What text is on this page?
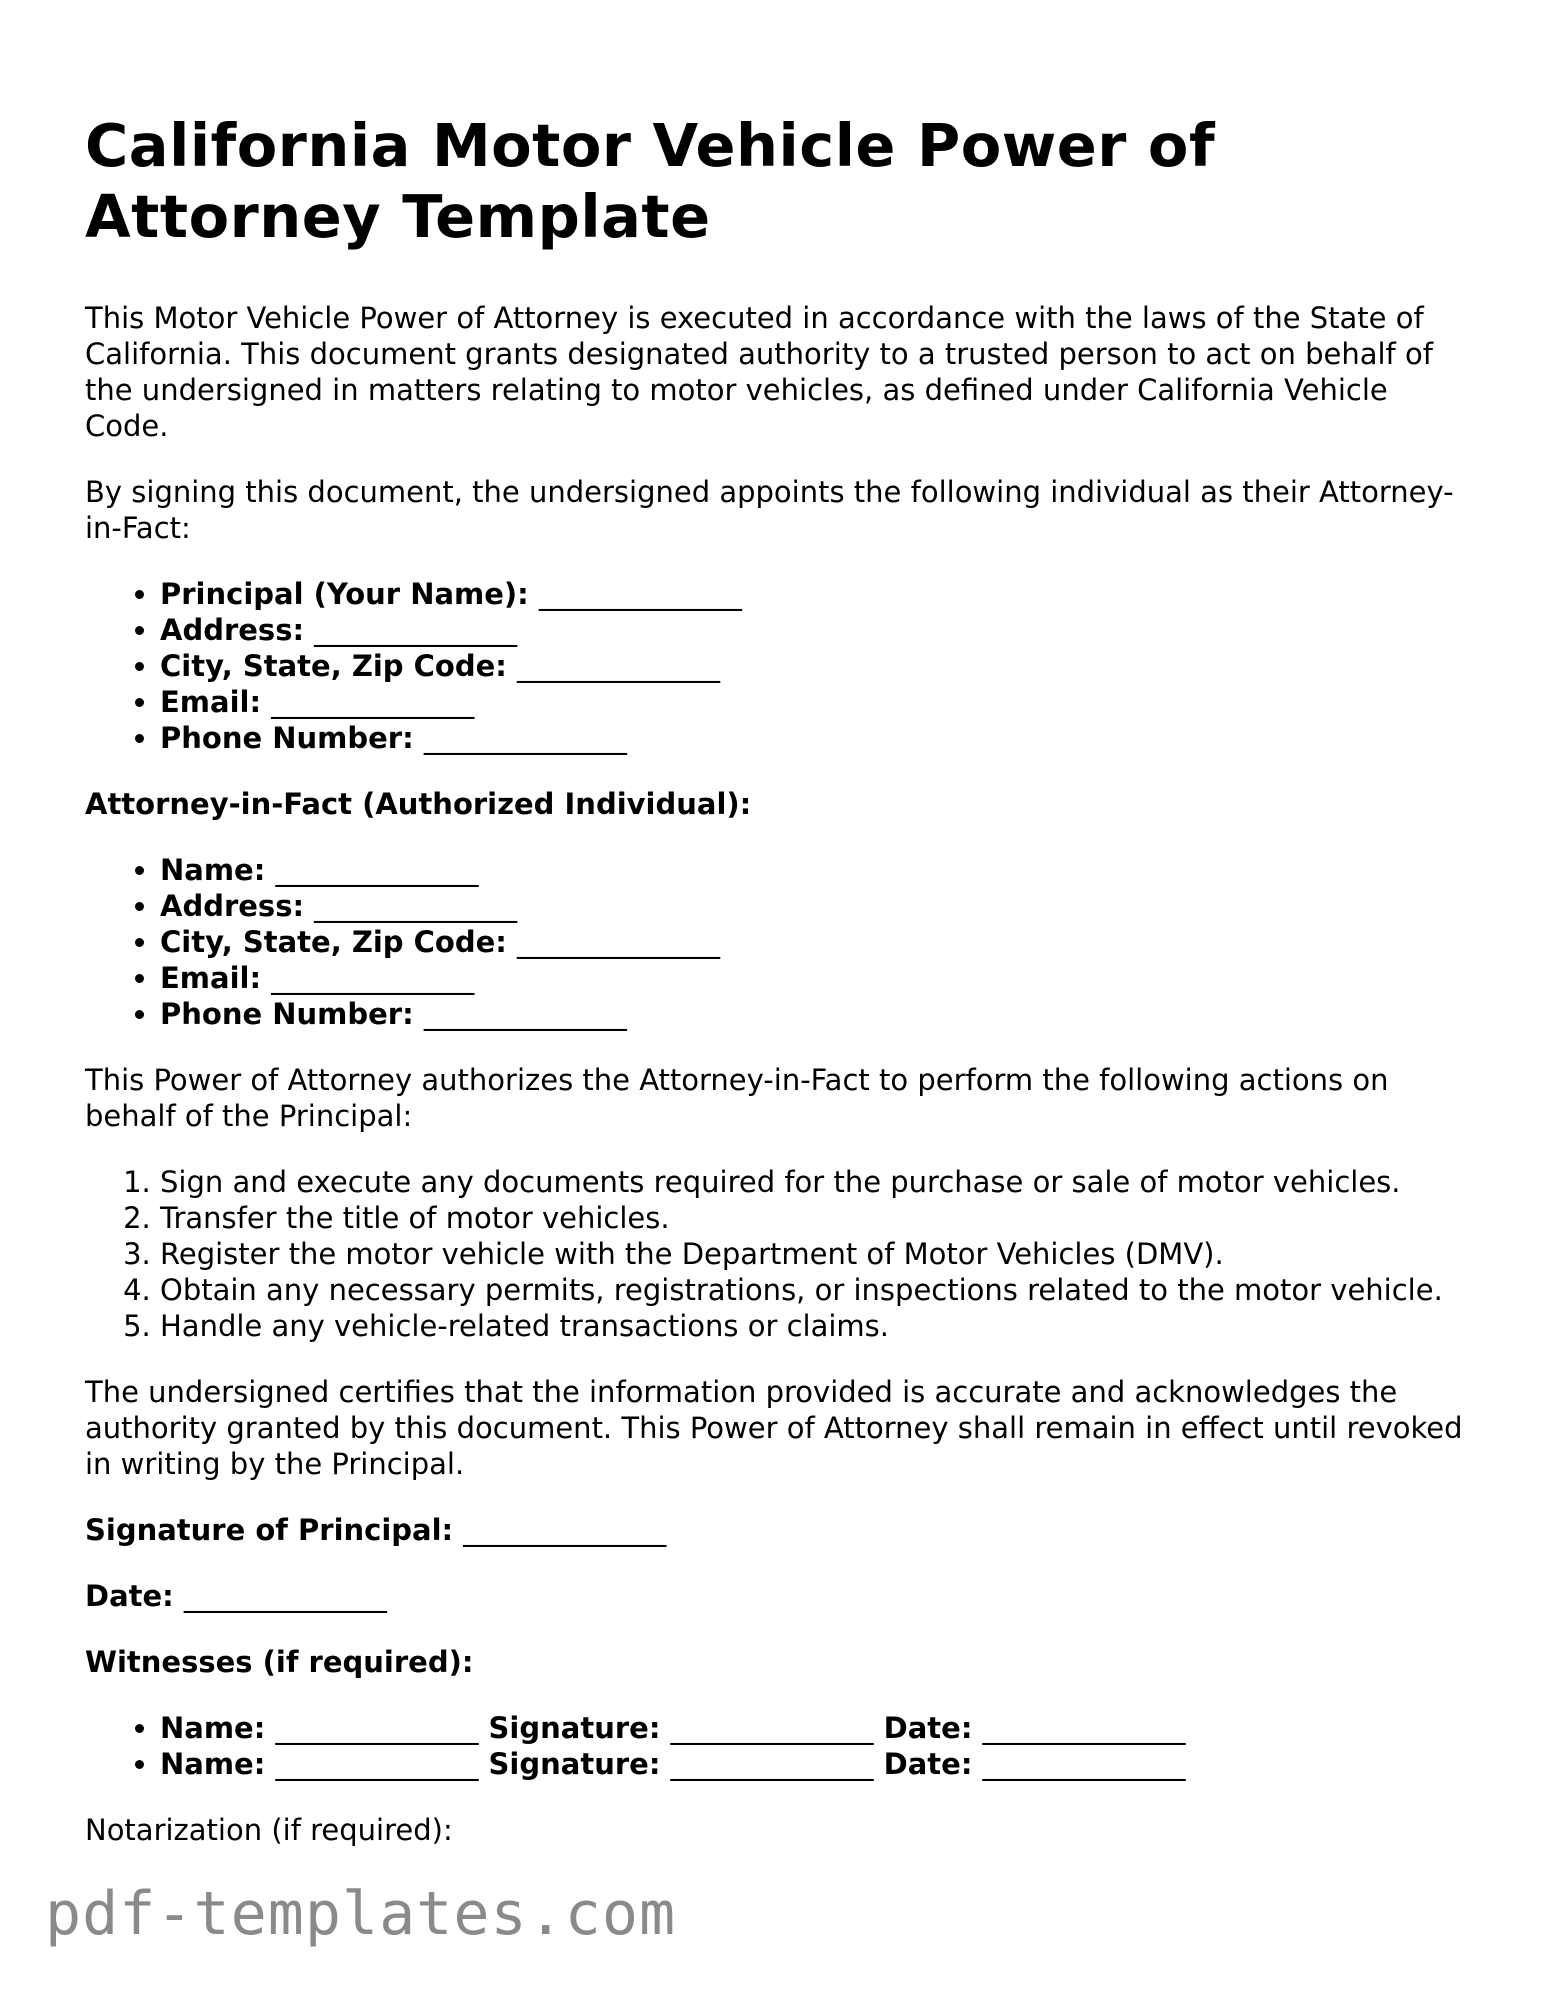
California Motor Vehicle Power of Attorney Template

This Motor Vehicle Power of Attorney is executed in accordance with the laws of the State of California. This document grants designated authority to a trusted person to act on behalf of the undersigned in matters relating to motor vehicles, as defined under California Vehicle Code.

By signing this document, the undersigned appoints the following individual as their Attorney-in-Fact:

• Principal (Your Name): ______________
• Address: ______________
• City, State, Zip Code: ______________
• Email: ______________
• Phone Number: ______________

Attorney-in-Fact (Authorized Individual):

• Name: ______________
• Address: ______________
• City, State, Zip Code: ______________
• Email: ______________
• Phone Number: ______________

This Power of Attorney authorizes the Attorney-in-Fact to perform the following actions on behalf of the Principal:

1. Sign and execute any documents required for the purchase or sale of motor vehicles.
2. Transfer the title of motor vehicles.
3. Register the motor vehicle with the Department of Motor Vehicles (DMV).
4. Obtain any necessary permits, registrations, or inspections related to the motor vehicle.
5. Handle any vehicle-related transactions or claims.

The undersigned certifies that the information provided is accurate and acknowledges the authority granted by this document. This Power of Attorney shall remain in effect until revoked in writing by the Principal.

Signature of Principal: ______________

Date: ______________

Witnesses (if required):

• Name: ______________ Signature: ______________ Date: ______________
• Name: ______________ Signature: ______________ Date: ______________

Notarization (if required):

pdf-templates.com
